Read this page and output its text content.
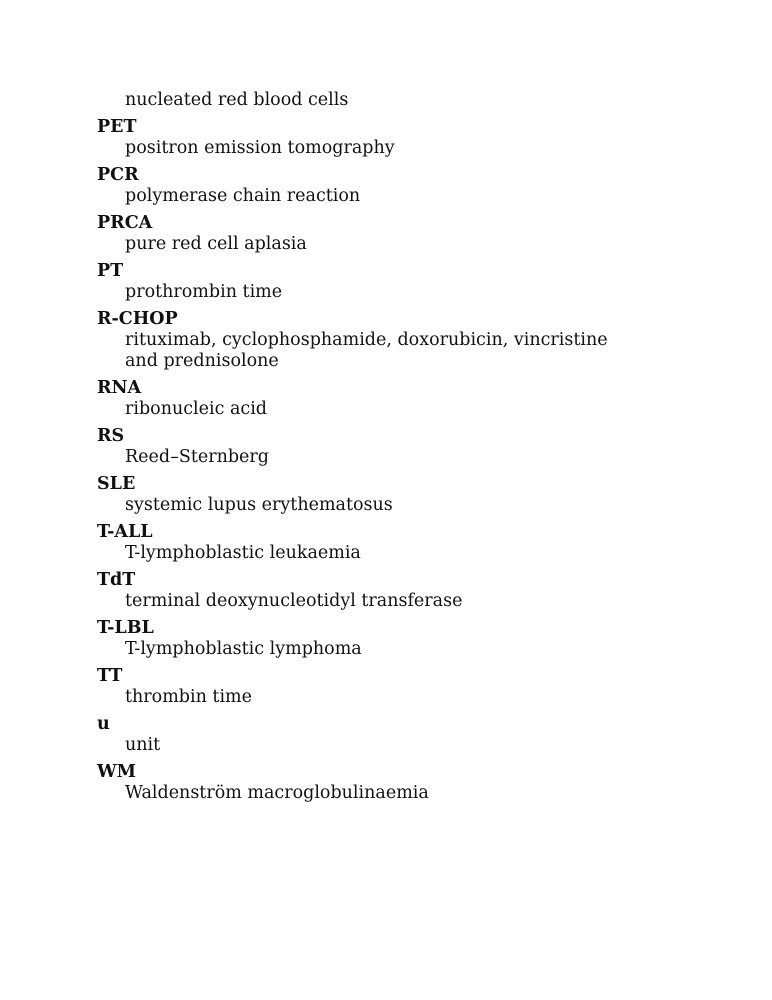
nucleated red blood cells

PET

positron emission tomography

PCR

polymerase chain reaction

PRCA

pure red cell aplasia

PT

prothrombin time

R-CHOP

rituximab, cyclophosphamide, doxorubicin, vincristine and prednisolone

RNA

ribonucleic acid

RS

Reed–Sternberg

SLE

systemic lupus erythematosus

T-ALL

T-lymphoblastic leukaemia

TdT

terminal deoxynucleotidyl transferase

T-LBL

T-lymphoblastic lymphoma

TT

thrombin time

u

unit

WM

Waldenström macroglobulinaemia
